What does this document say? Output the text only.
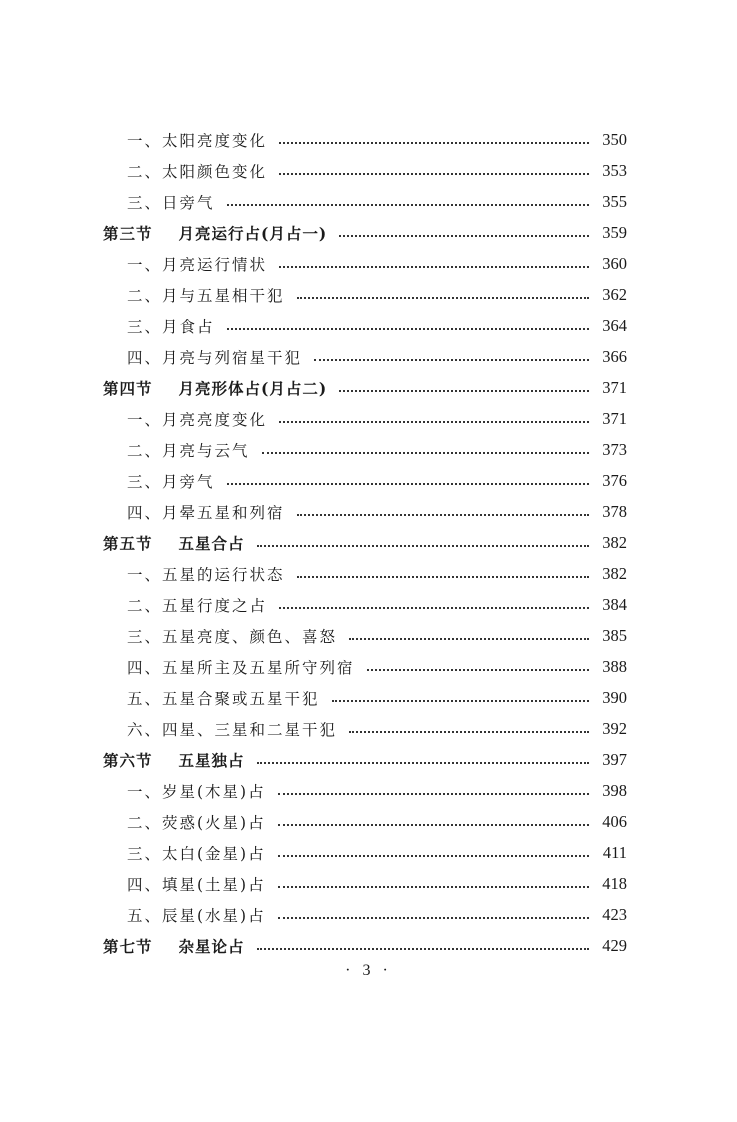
一、太阳亮度变化	350
二、太阳颜色变化	353
三、日旁气	355
第三节 月亮运行占(月占一)	359
一、月亮运行情状	360
二、月与五星相干犯	362
三、月食占	364
四、月亮与列宿星干犯	366
第四节 月亮形体占(月占二)	371
一、月亮亮度变化	371
二、月亮与云气	373
三、月旁气	376
四、月晕五星和列宿	378
第五节 五星合占	382
一、五星的运行状态	382
二、五星行度之占	384
三、五星亮度、颜色、喜怒	385
四、五星所主及五星所守列宿	388
五、五星合聚或五星干犯	390
六、四星、三星和二星干犯	392
第六节 五星独占	397
一、岁星(木星)占	398
二、荧惑(火星)占	406
三、太白(金星)占	411
四、填星(土星)占	418
五、辰星(水星)占	423
第七节 杂星论占	429
· 3 ·
